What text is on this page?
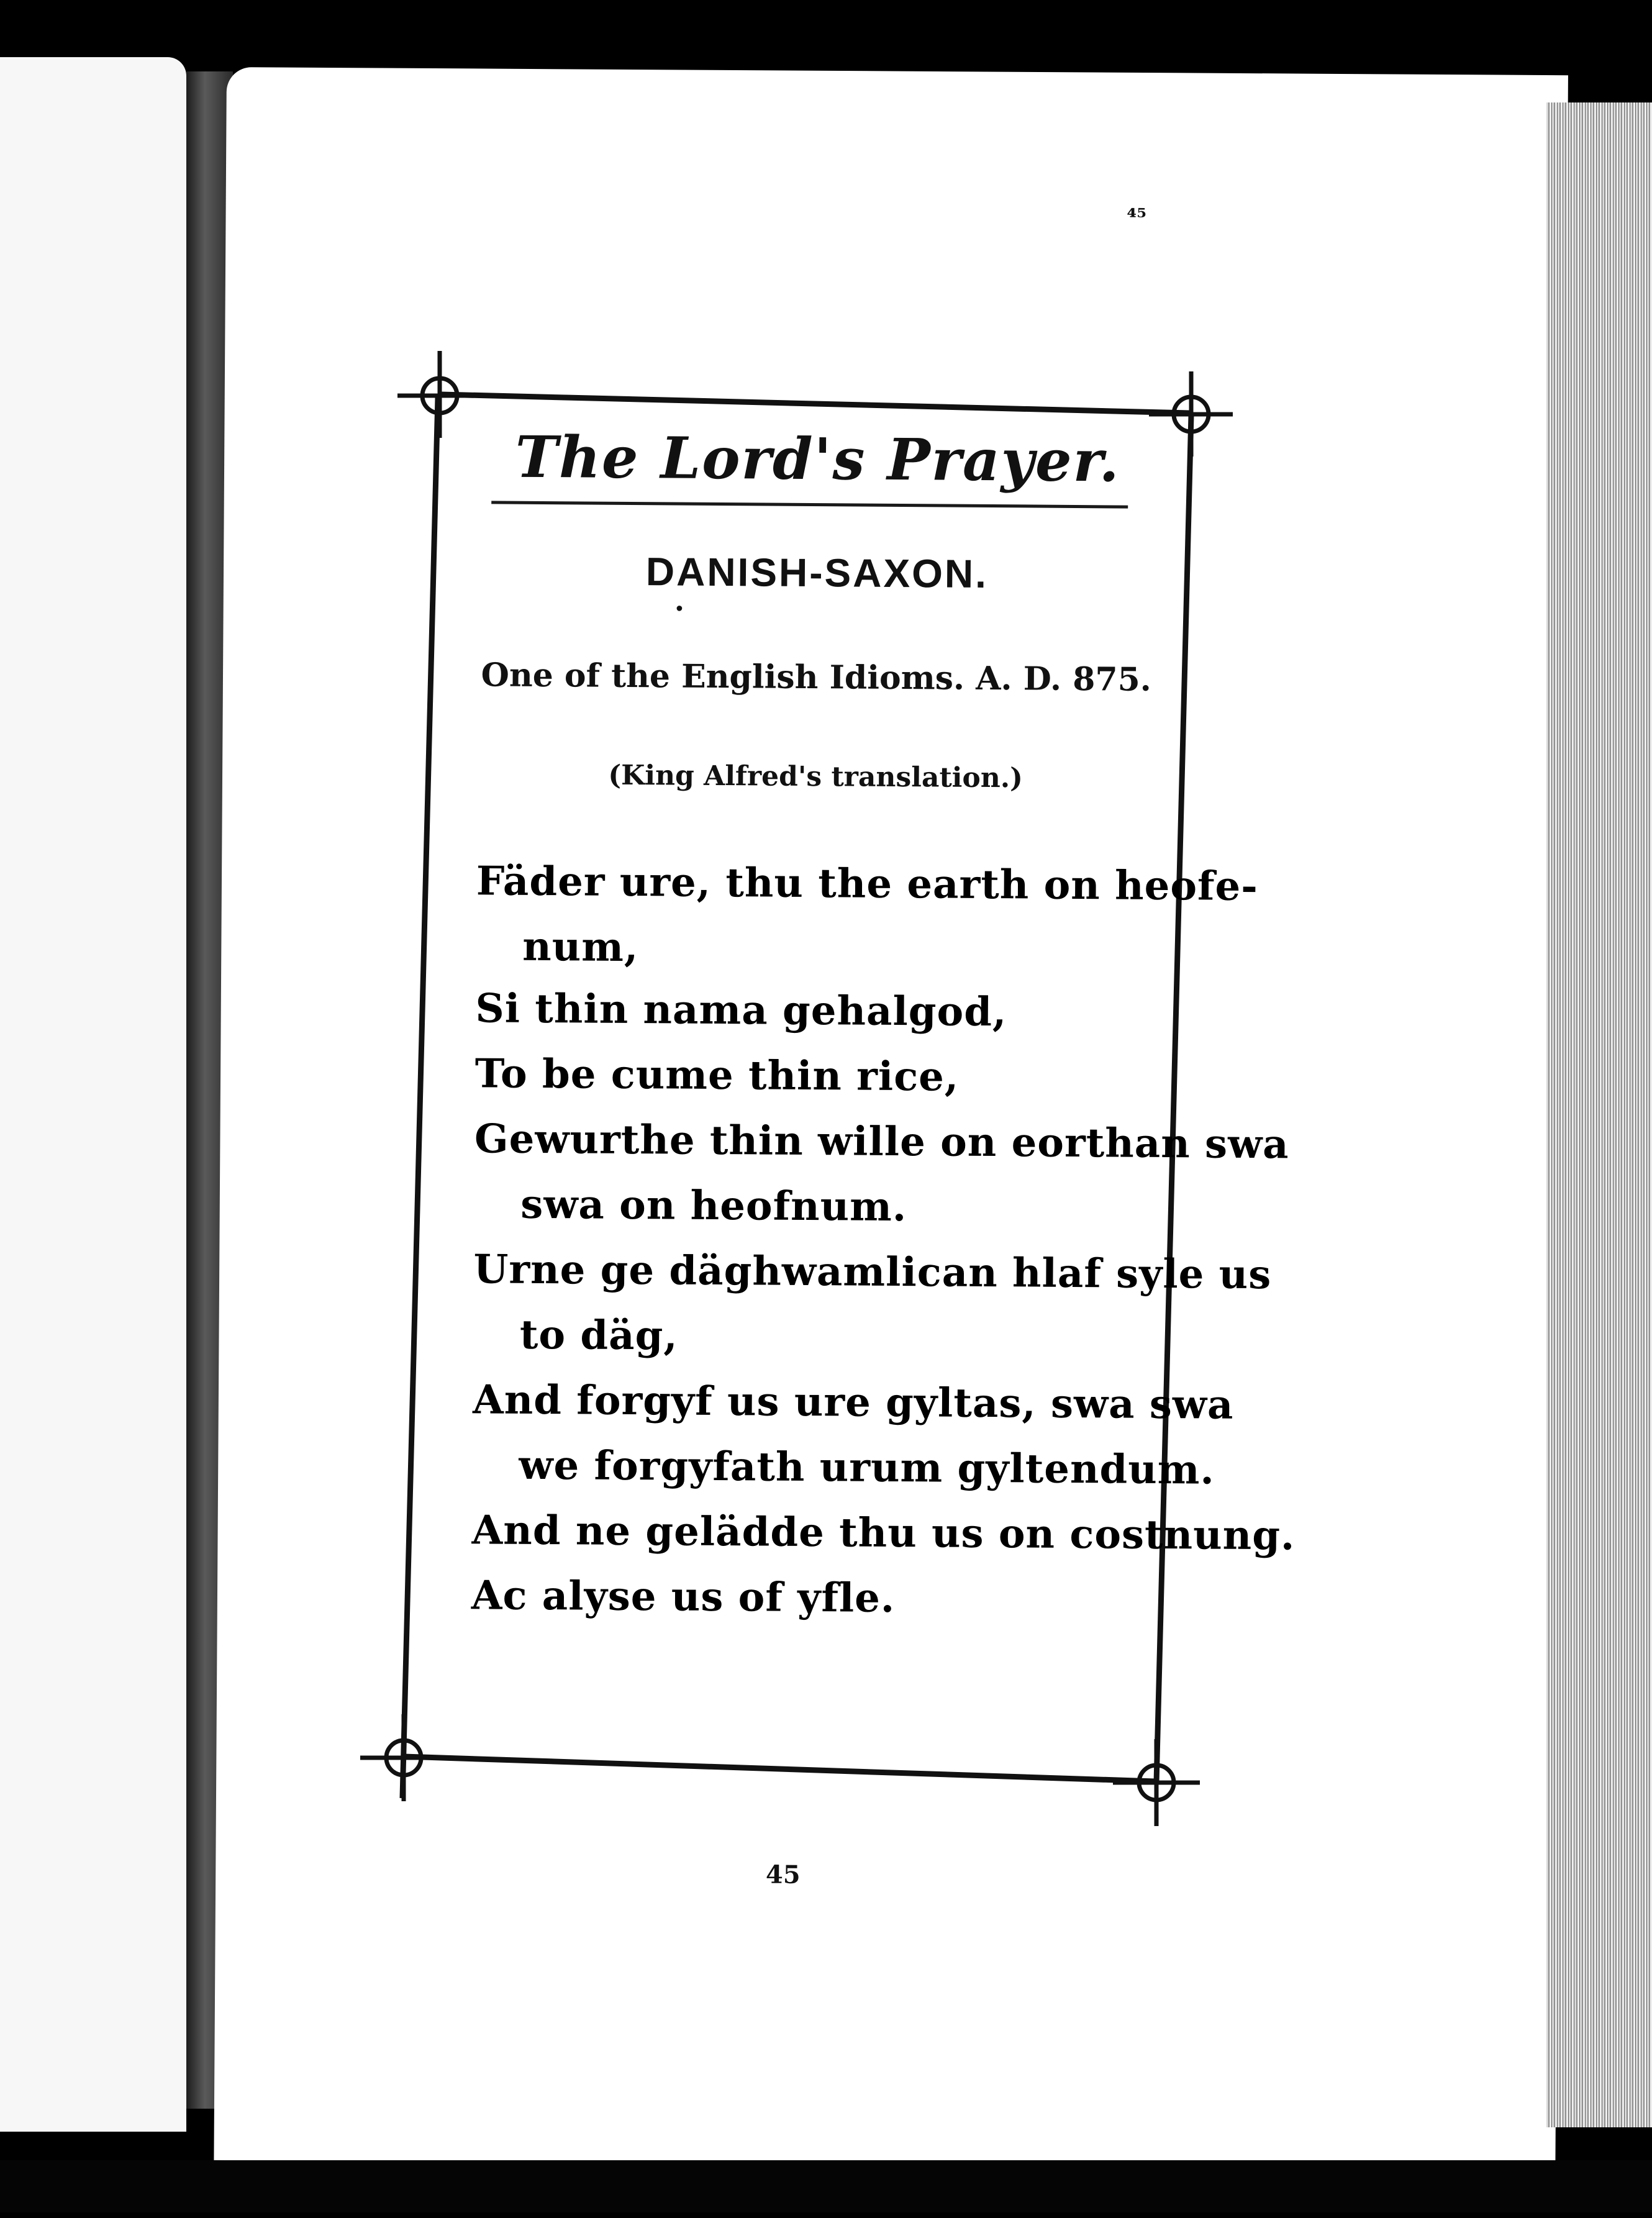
⁴⁵
The Lord's Prayer.
DANISH-SAXON.
•
One of the English Idioms. A. D. 875.
(King Alfred's translation.)
Fäder ure, thu the earth on heofe-
num,
Si thin nama gehalgod,
To be cume thin rice,
Gewurthe thin wille on eorthan swa
swa on heofnum.
Urne ge däghwamlican hlaf syle us
to däg,
And forgyf us ure gyltas, swa swa
we forgyfath urum gyltendum.
And ne gelädde thu us on costnung.
Ac alyse us of yfle.
45
